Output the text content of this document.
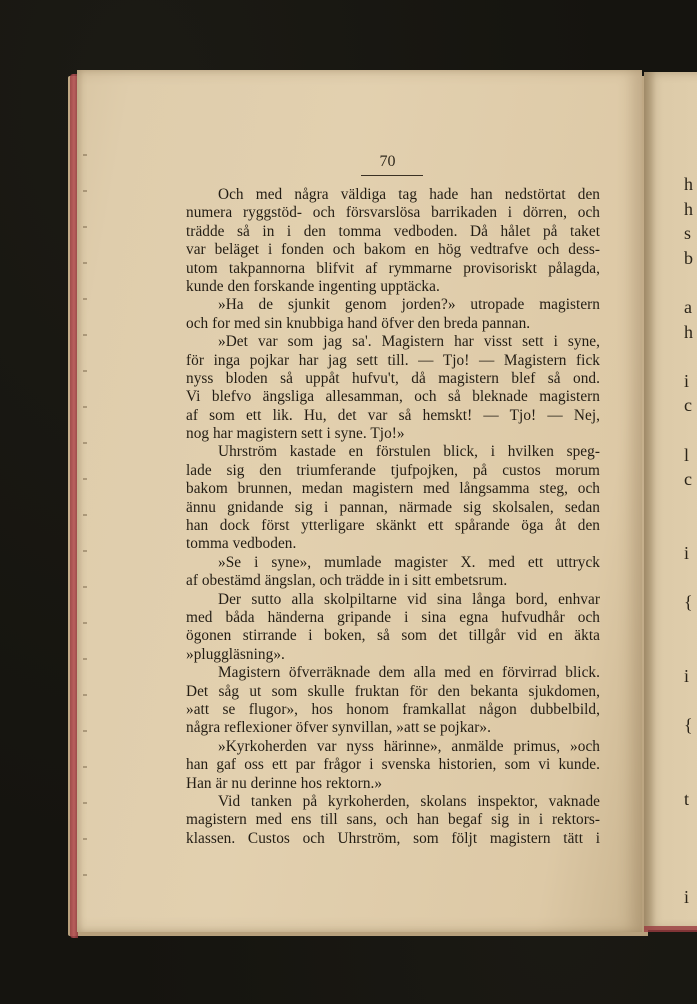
h
h
s
b

a
h

i
c

l
c

i

{

i

{

t

i
70
Och med några väldiga tag hade han nedstörtat den
numera ryggstöd- och försvarslösa barrikaden i dörren, och
trädde så in i den tomma vedboden. Då hålet på taket
var beläget i fonden och bakom en hög vedtrafve och dess-
utom takpannorna blifvit af rymmarne provisoriskt pålagda,
kunde den forskande ingenting upptäcka.
»Ha de sjunkit genom jorden?» utropade magistern
och for med sin knubbiga hand öfver den breda pannan.
»Det var som jag sa'. Magistern har visst sett i syne,
för inga pojkar har jag sett till. — Tjo! — Magistern fick
nyss bloden så uppåt hufvu't, då magistern blef så ond.
Vi blefvo ängsliga allesamman, och så bleknade magistern
af som ett lik. Hu, det var så hemskt! — Tjo! — Nej,
nog har magistern sett i syne. Tjo!»
Uhrström kastade en förstulen blick, i hvilken speg-
lade sig den triumferande tjufpojken, på custos morum
bakom brunnen, medan magistern med långsamma steg, och
ännu gnidande sig i pannan, närmade sig skolsalen, sedan
han dock först ytterligare skänkt ett spårande öga åt den
tomma vedboden.
»Se i syne», mumlade magister X. med ett uttryck
af obestämd ängslan, och trädde in i sitt embetsrum.
Der sutto alla skolpiltarne vid sina långa bord, enhvar
med båda händerna gripande i sina egna hufvudhår och
ögonen stirrande i boken, så som det tillgår vid en äkta
»pluggläsning».
Magistern öfverräknade dem alla med en förvirrad blick.
Det såg ut som skulle fruktan för den bekanta sjukdomen,
»att se flugor», hos honom framkallat någon dubbelbild,
några reflexioner öfver synvillan, »att se pojkar».
»Kyrkoherden var nyss härinne», anmälde primus, »och
han gaf oss ett par frågor i svenska historien, som vi kunde.
Han är nu derinne hos rektorn.»
Vid tanken på kyrkoherden, skolans inspektor, vaknade
magistern med ens till sans, och han begaf sig in i rektors-
klassen. Custos och Uhrström, som följt magistern tätt i
